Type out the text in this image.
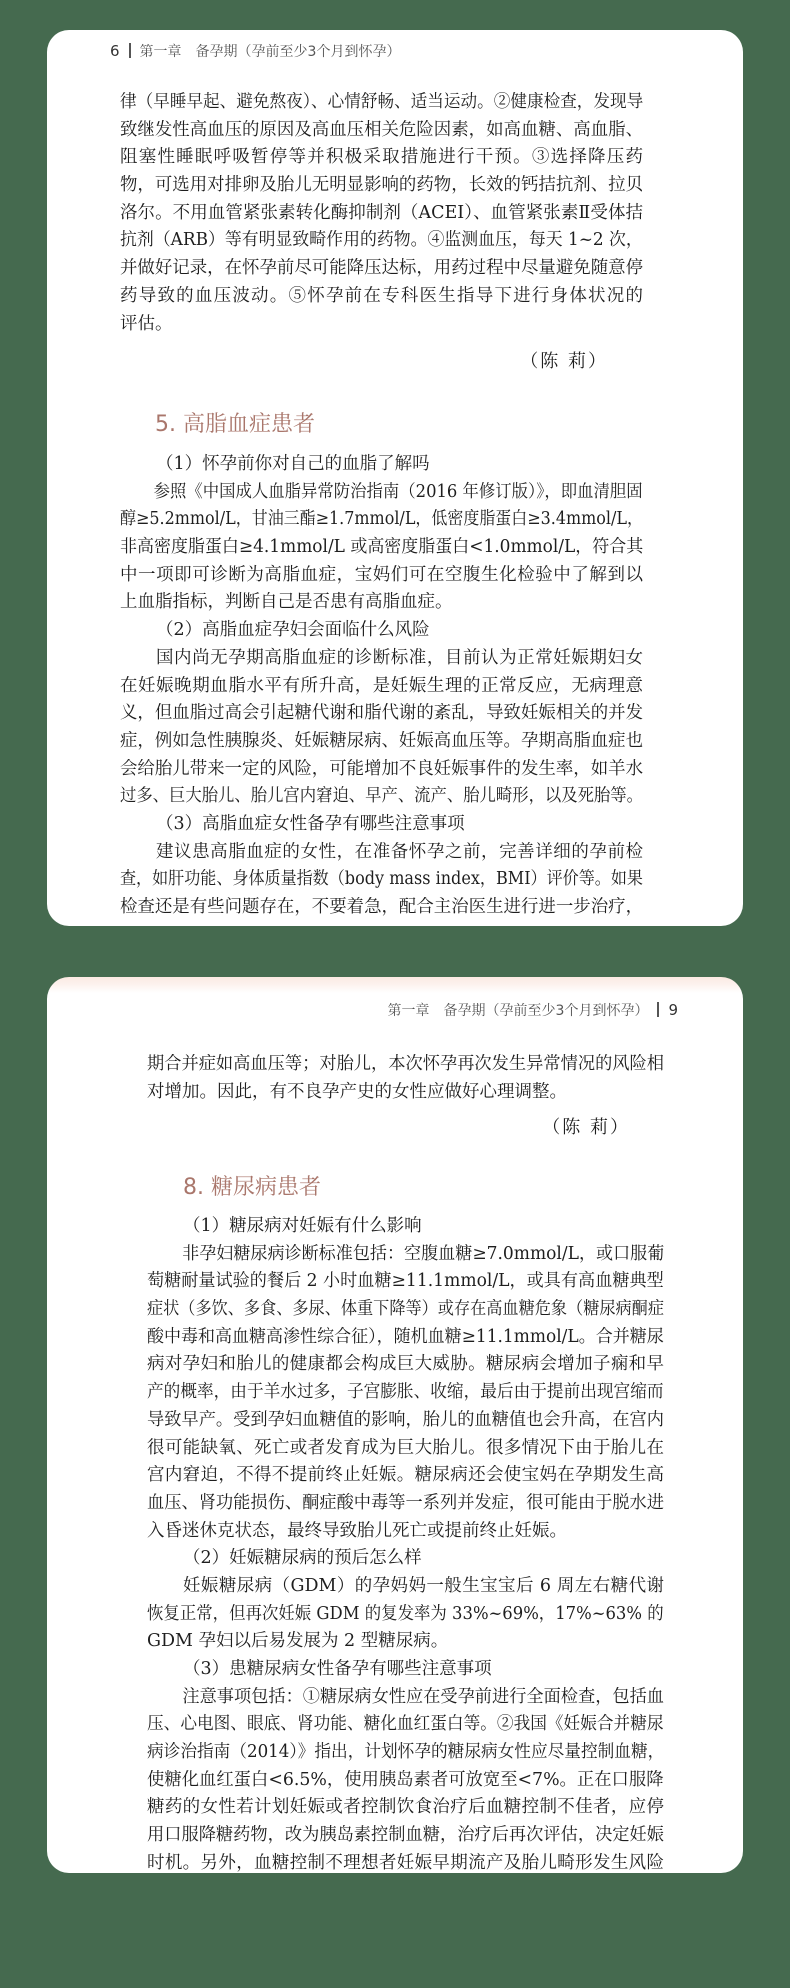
6 第一章 备孕期（孕前至少3个月到怀孕）
律（早睡早起、避免熬夜）、心情舒畅、适当运动。②健康检查，发现导
致继发性高血压的原因及高血压相关危险因素，如高血糖、高血脂、
阻塞性睡眠呼吸暂停等并积极采取措施进行干预。③选择降压药
物，可选用对排卵及胎儿无明显影响的药物，长效的钙拮抗剂、拉贝
洛尔。不用血管紧张素转化酶抑制剂（ACEI）、血管紧张素Ⅱ受体拮
抗剂（ARB）等有明显致畸作用的药物。④监测血压，每天 1~2 次，
并做好记录，在怀孕前尽可能降压达标，用药过程中尽量避免随意停
药导致的血压波动。⑤怀孕前在专科医生指导下进行身体状况的
评估。
（陈 莉）
5. 高脂血症患者
（1）怀孕前你对自己的血脂了解吗
参照《中国成人血脂异常防治指南（2016 年修订版）》，即血清胆固
醇≥5.2mmol/L，甘油三酯≥1.7mmol/L，低密度脂蛋白≥3.4mmol/L，
非高密度脂蛋白≥4.1mmol/L 或高密度脂蛋白<1.0mmol/L，符合其
中一项即可诊断为高脂血症，宝妈们可在空腹生化检验中了解到以
上血脂指标，判断自己是否患有高脂血症。
（2）高脂血症孕妇会面临什么风险
国内尚无孕期高脂血症的诊断标准，目前认为正常妊娠期妇女
在妊娠晚期血脂水平有所升高，是妊娠生理的正常反应，无病理意
义，但血脂过高会引起糖代谢和脂代谢的紊乱，导致妊娠相关的并发
症，例如急性胰腺炎、妊娠糖尿病、妊娠高血压等。孕期高脂血症也
会给胎儿带来一定的风险，可能增加不良妊娠事件的发生率，如羊水
过多、巨大胎儿、胎儿宫内窘迫、早产、流产、胎儿畸形，以及死胎等。
（3）高脂血症女性备孕有哪些注意事项
建议患高脂血症的女性，在准备怀孕之前，完善详细的孕前检
查，如肝功能、身体质量指数（body mass index，BMI）评价等。如果
检查还是有些问题存在，不要着急，配合主治医生进行进一步治疗，
第一章 备孕期（孕前至少3个月到怀孕） 9
期合并症如高血压等；对胎儿，本次怀孕再次发生异常情况的风险相
对增加。因此，有不良孕产史的女性应做好心理调整。
（陈 莉）
8. 糖尿病患者
（1）糖尿病对妊娠有什么影响
非孕妇糖尿病诊断标准包括：空腹血糖≥7.0mmol/L，或口服葡
萄糖耐量试验的餐后 2 小时血糖≥11.1mmol/L，或具有高血糖典型
症状（多饮、多食、多尿、体重下降等）或存在高血糖危象（糖尿病酮症
酸中毒和高血糖高渗性综合征），随机血糖≥11.1mmol/L。合并糖尿
病对孕妇和胎儿的健康都会构成巨大威胁。糖尿病会增加子痫和早
产的概率，由于羊水过多，子宫膨胀、收缩，最后由于提前出现宫缩而
导致早产。受到孕妇血糖值的影响，胎儿的血糖值也会升高，在宫内
很可能缺氧、死亡或者发育成为巨大胎儿。很多情况下由于胎儿在
宫内窘迫，不得不提前终止妊娠。糖尿病还会使宝妈在孕期发生高
血压、肾功能损伤、酮症酸中毒等一系列并发症，很可能由于脱水进
入昏迷休克状态，最终导致胎儿死亡或提前终止妊娠。
（2）妊娠糖尿病的预后怎么样
妊娠糖尿病（GDM）的孕妈妈一般生宝宝后 6 周左右糖代谢
恢复正常，但再次妊娠 GDM 的复发率为 33%~69%，17%~63% 的
GDM 孕妇以后易发展为 2 型糖尿病。
（3）患糖尿病女性备孕有哪些注意事项
注意事项包括：①糖尿病女性应在受孕前进行全面检查，包括血
压、心电图、眼底、肾功能、糖化血红蛋白等。②我国《妊娠合并糖尿
病诊治指南（2014）》指出，计划怀孕的糖尿病女性应尽量控制血糖，
使糖化血红蛋白<6.5%，使用胰岛素者可放宽至<7%。正在口服降
糖药的女性若计划妊娠或者控制饮食治疗后血糖控制不佳者，应停
用口服降糖药物，改为胰岛素控制血糖，治疗后再次评估，决定妊娠
时机。另外，血糖控制不理想者妊娠早期流产及胎儿畸形发生风险
